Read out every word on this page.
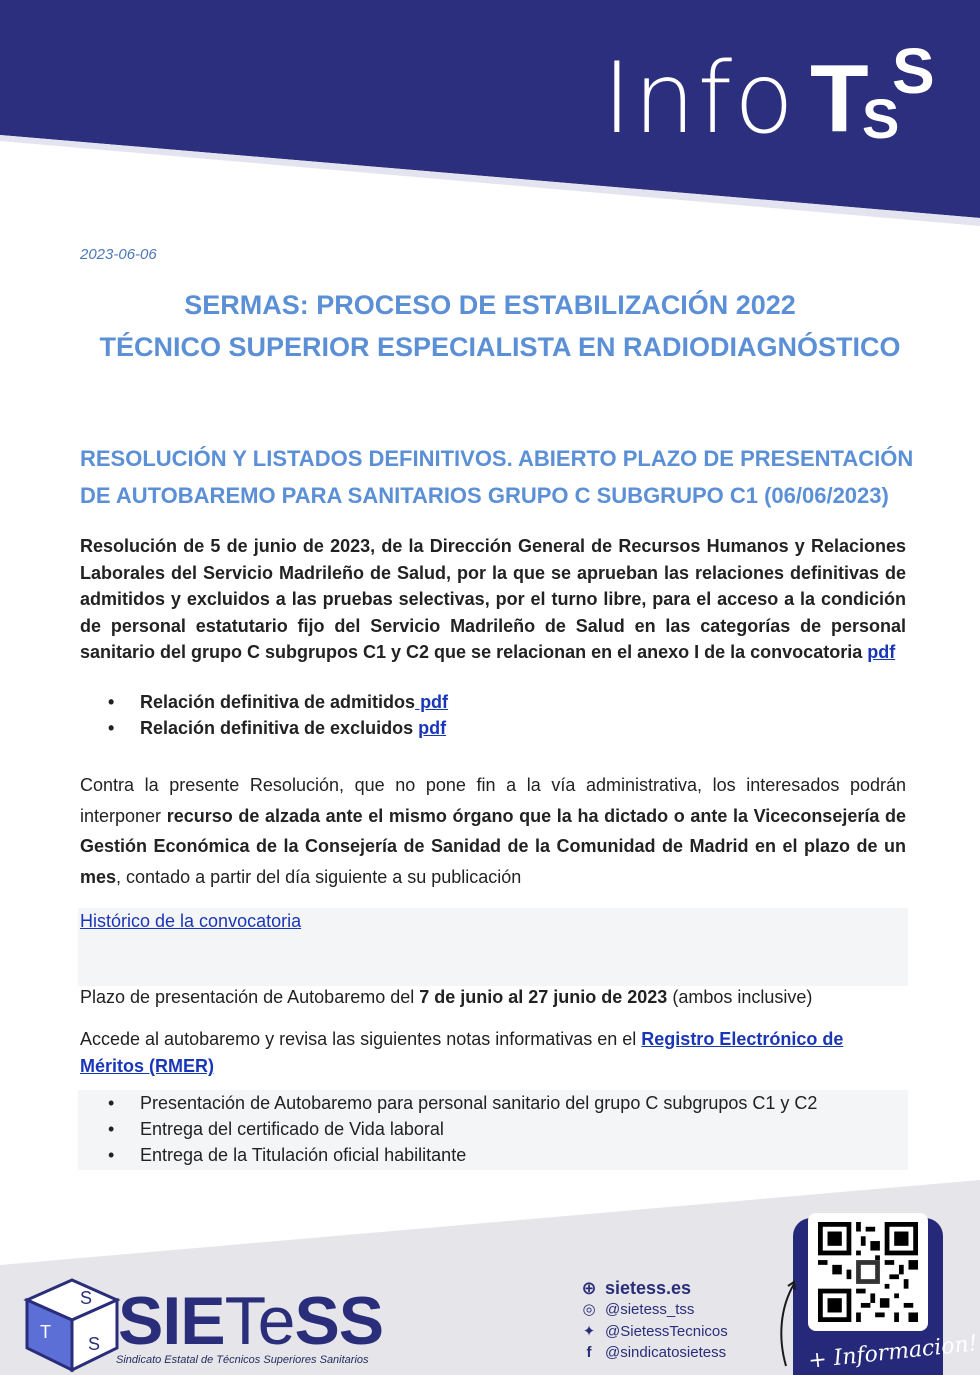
Info T
S
S
2023-06-06
SERMAS: PROCESO DE ESTABILIZACIÓN 2022
TÉCNICO SUPERIOR ESPECIALISTA EN RADIODIAGNÓSTICO
RESOLUCIÓN Y LISTADOS DEFINITIVOS. ABIERTO PLAZO DE PRESENTACIÓN
DE AUTOBAREMO PARA SANITARIOS GRUPO C SUBGRUPO C1 (06/06/2023)
Resolución de 5 de junio de 2023, de la Dirección General de Recursos Humanos y Relaciones Laborales del Servicio Madrileño de Salud, por la que se aprueban las relaciones definitivas de admitidos y excluidos a las pruebas selectivas, por el turno libre, para el acceso a la condición de personal estatutario fijo del Servicio Madrileño de Salud en las categorías de personal sanitario del grupo C subgrupos C1 y C2 que se relacionan en el anexo I de la convocatoria pdf
• Relación definitiva de admitidos pdf
• Relación definitiva de excluidos pdf
Contra la presente Resolución, que no pone fin a la vía administrativa, los interesados podrán interponer recurso de alzada ante el mismo órgano que la ha dictado o ante la Viceconsejería de Gestión Económica de la Consejería de Sanidad de la Comunidad de Madrid en el plazo de un mes, contado a partir del día siguiente a su publicación
Histórico de la convocatoria
Plazo de presentación de Autobaremo del 7 de junio al 27 junio de 2023 (ambos inclusive)
Accede al autobaremo y revisa las siguientes notas informativas en el Registro Electrónico de Méritos (RMER)
• Presentación de Autobaremo para personal sanitario del grupo C subgrupos C1 y C2
• Entrega del certificado de Vida laboral
• Entrega de la Titulación oficial habilitante
S
T
S SIETeSS
Sindicato Estatal de Técnicos Superiores Sanitarios
⊕ sietess.es
◎ @sietess_tss
✦ @SietessTecnicos
f @sindicatosietess	+ Informacion!
